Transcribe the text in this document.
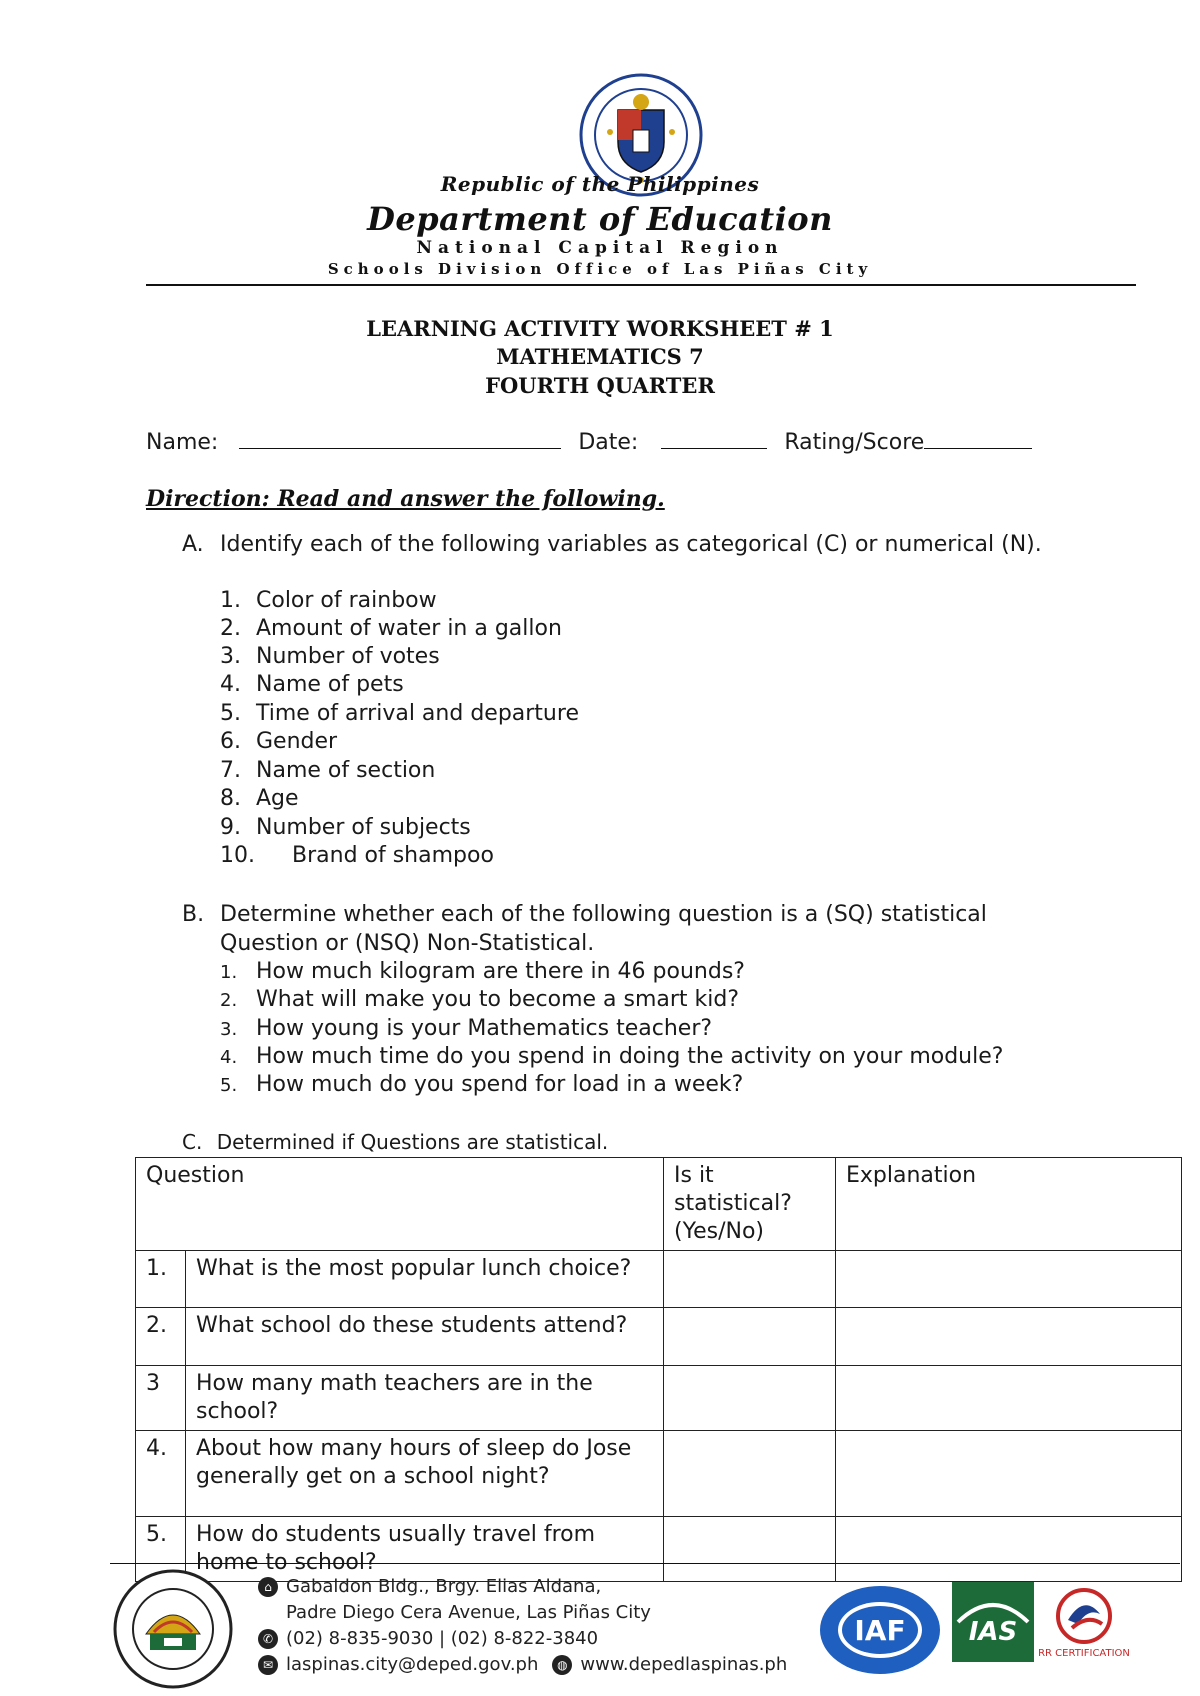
Republic of the Philippines
Department of Education
National Capital Region
Schools Division Office of Las Piñas City
LEARNING ACTIVITY WORKSHEET # 1
MATHEMATICS 7
FOURTH QUARTER
Name:	Date:	Rating/Score
Direction: Read and answer the following.
A. Identify each of the following variables as categorical (C) or numerical (N).
1. Color of rainbow
2. Amount of water in a gallon
3. Number of votes
4. Name of pets
5. Time of arrival and departure
6. Gender
7. Name of section
8. Age
9. Number of subjects
10. Brand of shampoo
B. Determine whether each of the following question is a (SQ) statistical Question or (NSQ) Non-Statistical.
1. How much kilogram are there in 46 pounds?
2. What will make you to become a smart kid?
3. How young is your Mathematics teacher?
4. How much time do you spend in doing the activity on your module?
5. How much do you spend for load in a week?
C. Determined if Questions are statistical.
Question		Is it statistical? (Yes/No)	Explanation
1.	What is the most popular lunch choice?		
2.	What school do these students attend?		
3	How many math teachers are in the school?		
4.	About how many hours of sleep do Jose generally get on a school night?		
5.	How do students usually travel from home to school?		
⌂ Gabaldon Bldg., Brgy. Elias Aldana,
Padre Diego Cera Avenue, Las Piñas City
✆ (02) 8-835-9030 | (02) 8-822-3840
✉ laspinas.city@deped.gov.ph ◍ www.depedlaspinas.ph
IAF IAS
RR CERTIFICATION
